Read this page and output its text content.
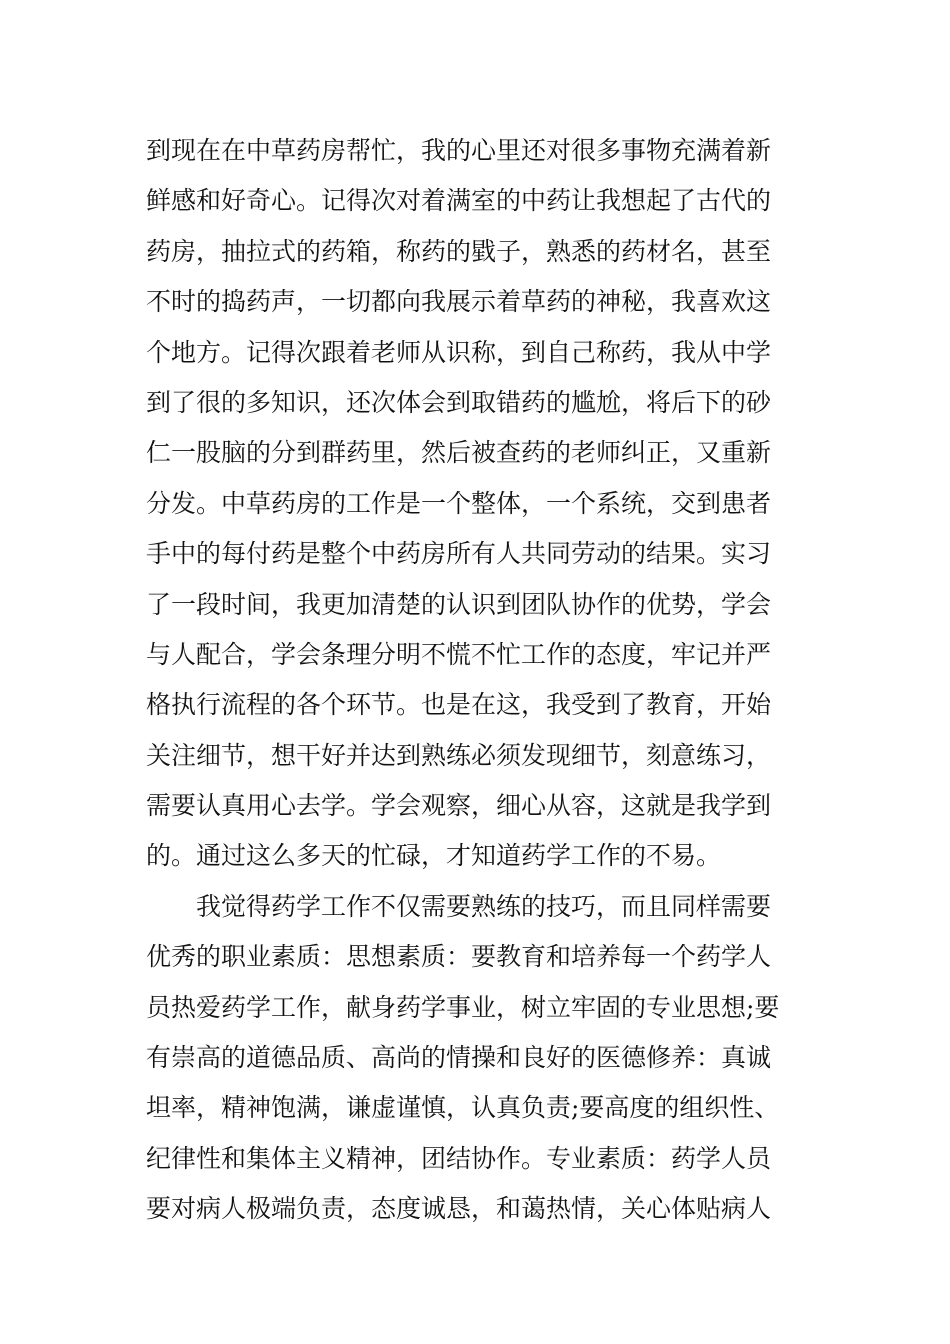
到现在在中草药房帮忙，我的心里还对很多事物充满着新
鲜感和好奇心。记得次对着满室的中药让我想起了古代的
药房，抽拉式的药箱，称药的戥子，熟悉的药材名，甚至
不时的捣药声，一切都向我展示着草药的神秘，我喜欢这
个地方。记得次跟着老师从识称，到自己称药，我从中学
到了很的多知识，还次体会到取错药的尴尬，将后下的砂
仁一股脑的分到群药里，然后被查药的老师纠正，又重新
分发。中草药房的工作是一个整体，一个系统，交到患者
手中的每付药是整个中药房所有人共同劳动的结果。实习
了一段时间，我更加清楚的认识到团队协作的优势，学会
与人配合，学会条理分明不慌不忙工作的态度，牢记并严
格执行流程的各个环节。也是在这，我受到了教育，开始
关注细节，想干好并达到熟练必须发现细节，刻意练习，
需要认真用心去学。学会观察，细心从容，这就是我学到
的。通过这么多天的忙碌，才知道药学工作的不易。
我觉得药学工作不仅需要熟练的技巧，而且同样需要
优秀的职业素质：思想素质：要教育和培养每一个药学人
员热爱药学工作，献身药学事业，树立牢固的专业思想;要
有崇高的道德品质、高尚的情操和良好的医德修养：真诚
坦率，精神饱满，谦虚谨慎，认真负责;要高度的组织性、
纪律性和集体主义精神，团结协作。专业素质：药学人员
要对病人极端负责，态度诚恳，和蔼热情，关心体贴病人
